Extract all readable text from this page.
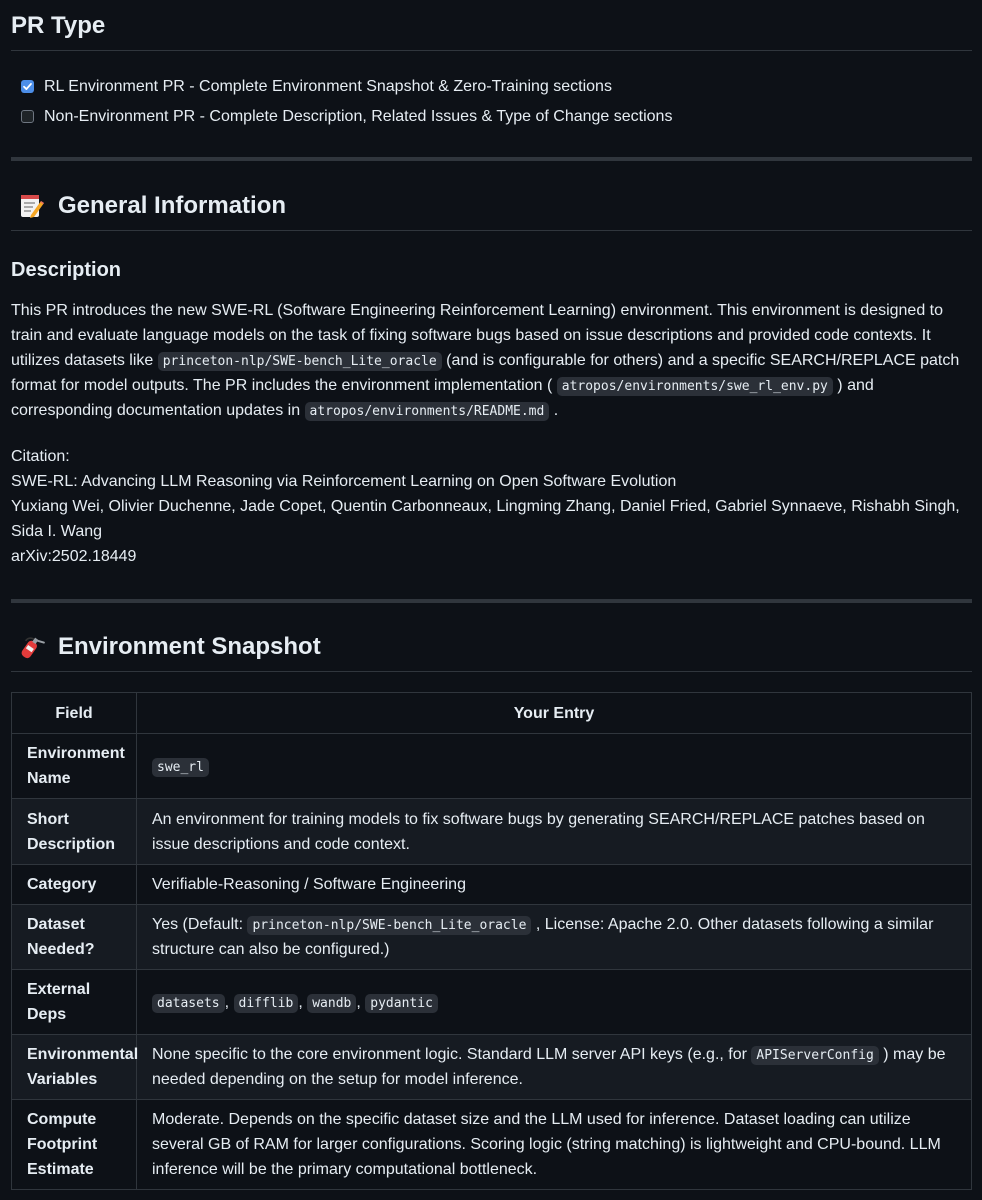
PR Type
RL Environment PR - Complete Environment Snapshot & Zero-Training sections
Non-Environment PR - Complete Description, Related Issues & Type of Change sections
General Information
Description

This PR introduces the new SWE-RL (Software Engineering Reinforcement Learning) environment. This environment is designed to train and evaluate language models on the task of fixing software bugs based on issue descriptions and provided code contexts. It utilizes datasets like princeton-nlp/SWE-bench_Lite_oracle (and is configurable for others) and a specific SEARCH/REPLACE patch format for model outputs. The PR includes the environment implementation ( atropos/environments/swe_rl_env.py ) and corresponding documentation updates in atropos/environments/README.md .

Citation:
SWE-RL: Advancing LLM Reasoning via Reinforcement Learning on Open Software Evolution
Yuxiang Wei, Olivier Duchenne, Jade Copet, Quentin Carbonneaux, Lingming Zhang, Daniel Fried, Gabriel Synnaeve, Rishabh Singh, Sida I. Wang
arXiv:2502.18449

Environment Snapshot
Field	Your Entry
Environment Name	swe_rl
Short Description	An environment for training models to fix software bugs by generating SEARCH/REPLACE patches based on issue descriptions and code context.
Category	Verifiable-Reasoning / Software Engineering
Dataset Needed?	Yes (Default: princeton-nlp/SWE-bench_Lite_oracle , License: Apache 2.0. Other datasets following a similar structure can also be configured.)
External Deps	datasets , difflib , wandb , pydantic
Environmental Variables	None specific to the core environment logic. Standard LLM server API keys (e.g., for APIServerConfig ) may be needed depending on the setup for model inference.
Compute Footprint Estimate	Moderate. Depends on the specific dataset size and the LLM used for inference. Dataset loading can utilize several GB of RAM for larger configurations. Scoring logic (string matching) is lightweight and CPU-bound. LLM inference will be the primary computational bottleneck.
